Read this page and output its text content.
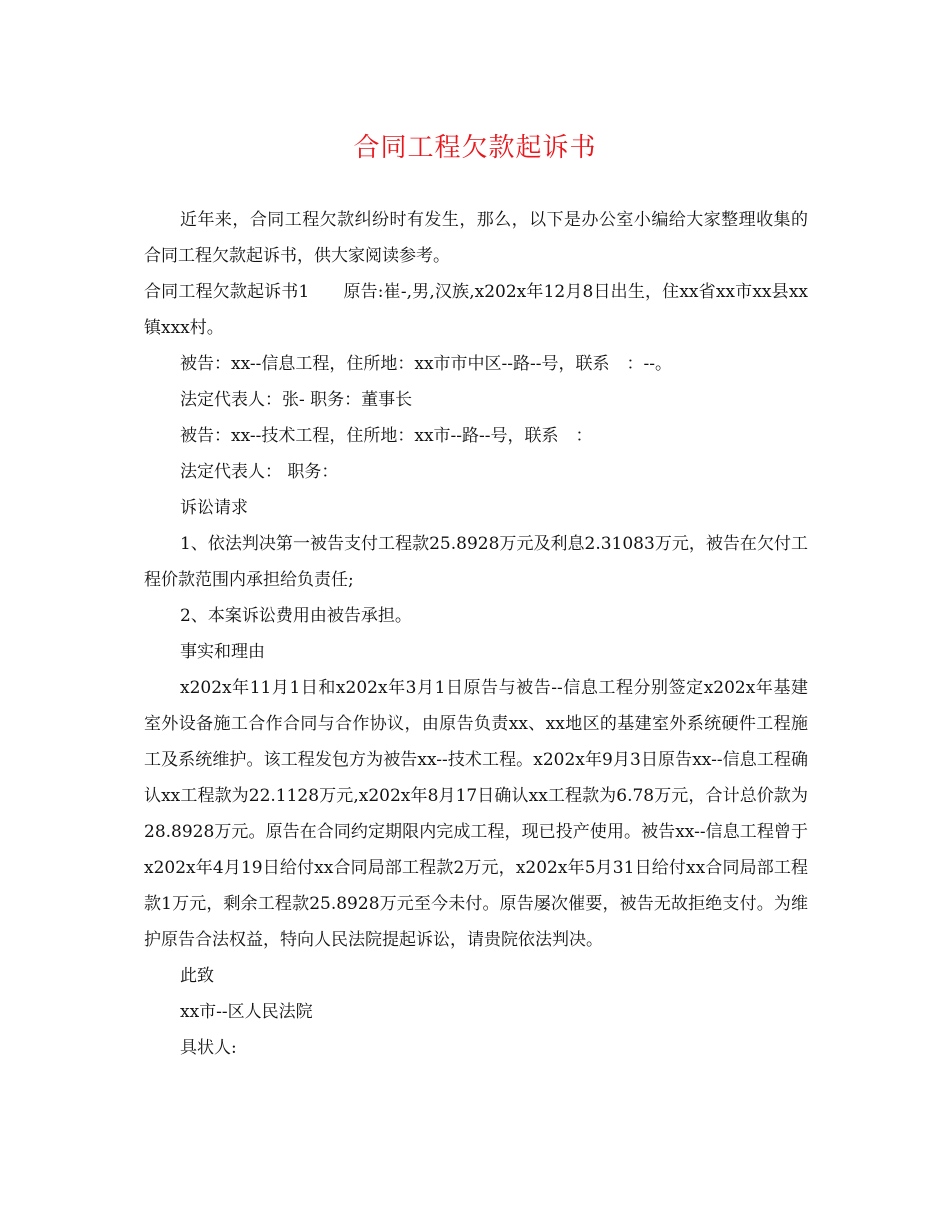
合同工程欠款起诉书

近年来，合同工程欠款纠纷时有发生，那么，以下是办公室小编给大家整理收集的合同工程欠款起诉书，供大家阅读参考。

合同工程欠款起诉书1 原告:崔-,男,汉族,x202x年12月8日出生，住xx省xx市xx县xx镇xxx村。

被告：xx--信息工程，住所地：xx市市中区--路--号，联系　：--。

法定代表人：张- 职务：董事长

被告：xx--技术工程，住所地：xx市--路--号，联系　：

法定代表人： 职务：

诉讼请求

1、依法判决第一被告支付工程款25.8928万元及利息2.31083万元，被告在欠付工程价款范围内承担给负责任;

2、本案诉讼费用由被告承担。

事实和理由

x202x年11月1日和x202x年3月1日原告与被告--信息工程分别签定x202x年基建室外设备施工合作合同与合作协议，由原告负责xx、xx地区的基建室外系统硬件工程施工及系统维护。该工程发包方为被告xx--技术工程。x202x年9月3日原告xx--信息工程确认xx工程款为22.1128万元,x202x年8月17日确认xx工程款为6.78万元，合计总价款为28.8928万元。原告在合同约定期限内完成工程，现已投产使用。被告xx--信息工程曾于x202x年4月19日给付xx合同局部工程款2万元，x202x年5月31日给付xx合同局部工程款1万元，剩余工程款25.8928万元至今未付。原告屡次催要，被告无故拒绝支付。为维护原告合法权益，特向人民法院提起诉讼，请贵院依法判决。

此致

xx市--区人民法院

具状人:
